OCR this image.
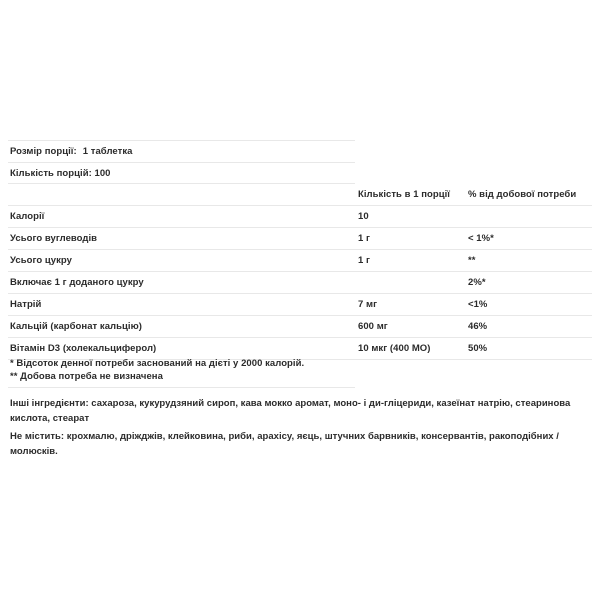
Розмір порції: 1 таблетка
Кількість порцій: 100
	Кількість в 1 порції	% від добової потреби
Калорії	10	
Усього вуглеводів	1 г	< 1%*
Усього цукру	1 г	**
Включає 1 г доданого цукру		2%*
Натрій	7 мг	<1%
Кальцій (карбонат кальцію)	600 мг	46%
Вітамін D3 (холекальциферол)	10 мкг (400 МО)	50%
* Відсоток денної потреби заснований на дієті у 2000 калорій.
** Добова потреба не визначена
Інші інгредієнти: сахароза, кукурудзяний сироп, кава мокко аромат, моно- і ди-гліцериди, казеїнат натрію, стеаринова кислота, стеарат
Не містить: крохмалю, дріжджів, клейковина, риби, арахісу, яєць, штучних барвників, консервантів, ракоподібних / молюсків.
